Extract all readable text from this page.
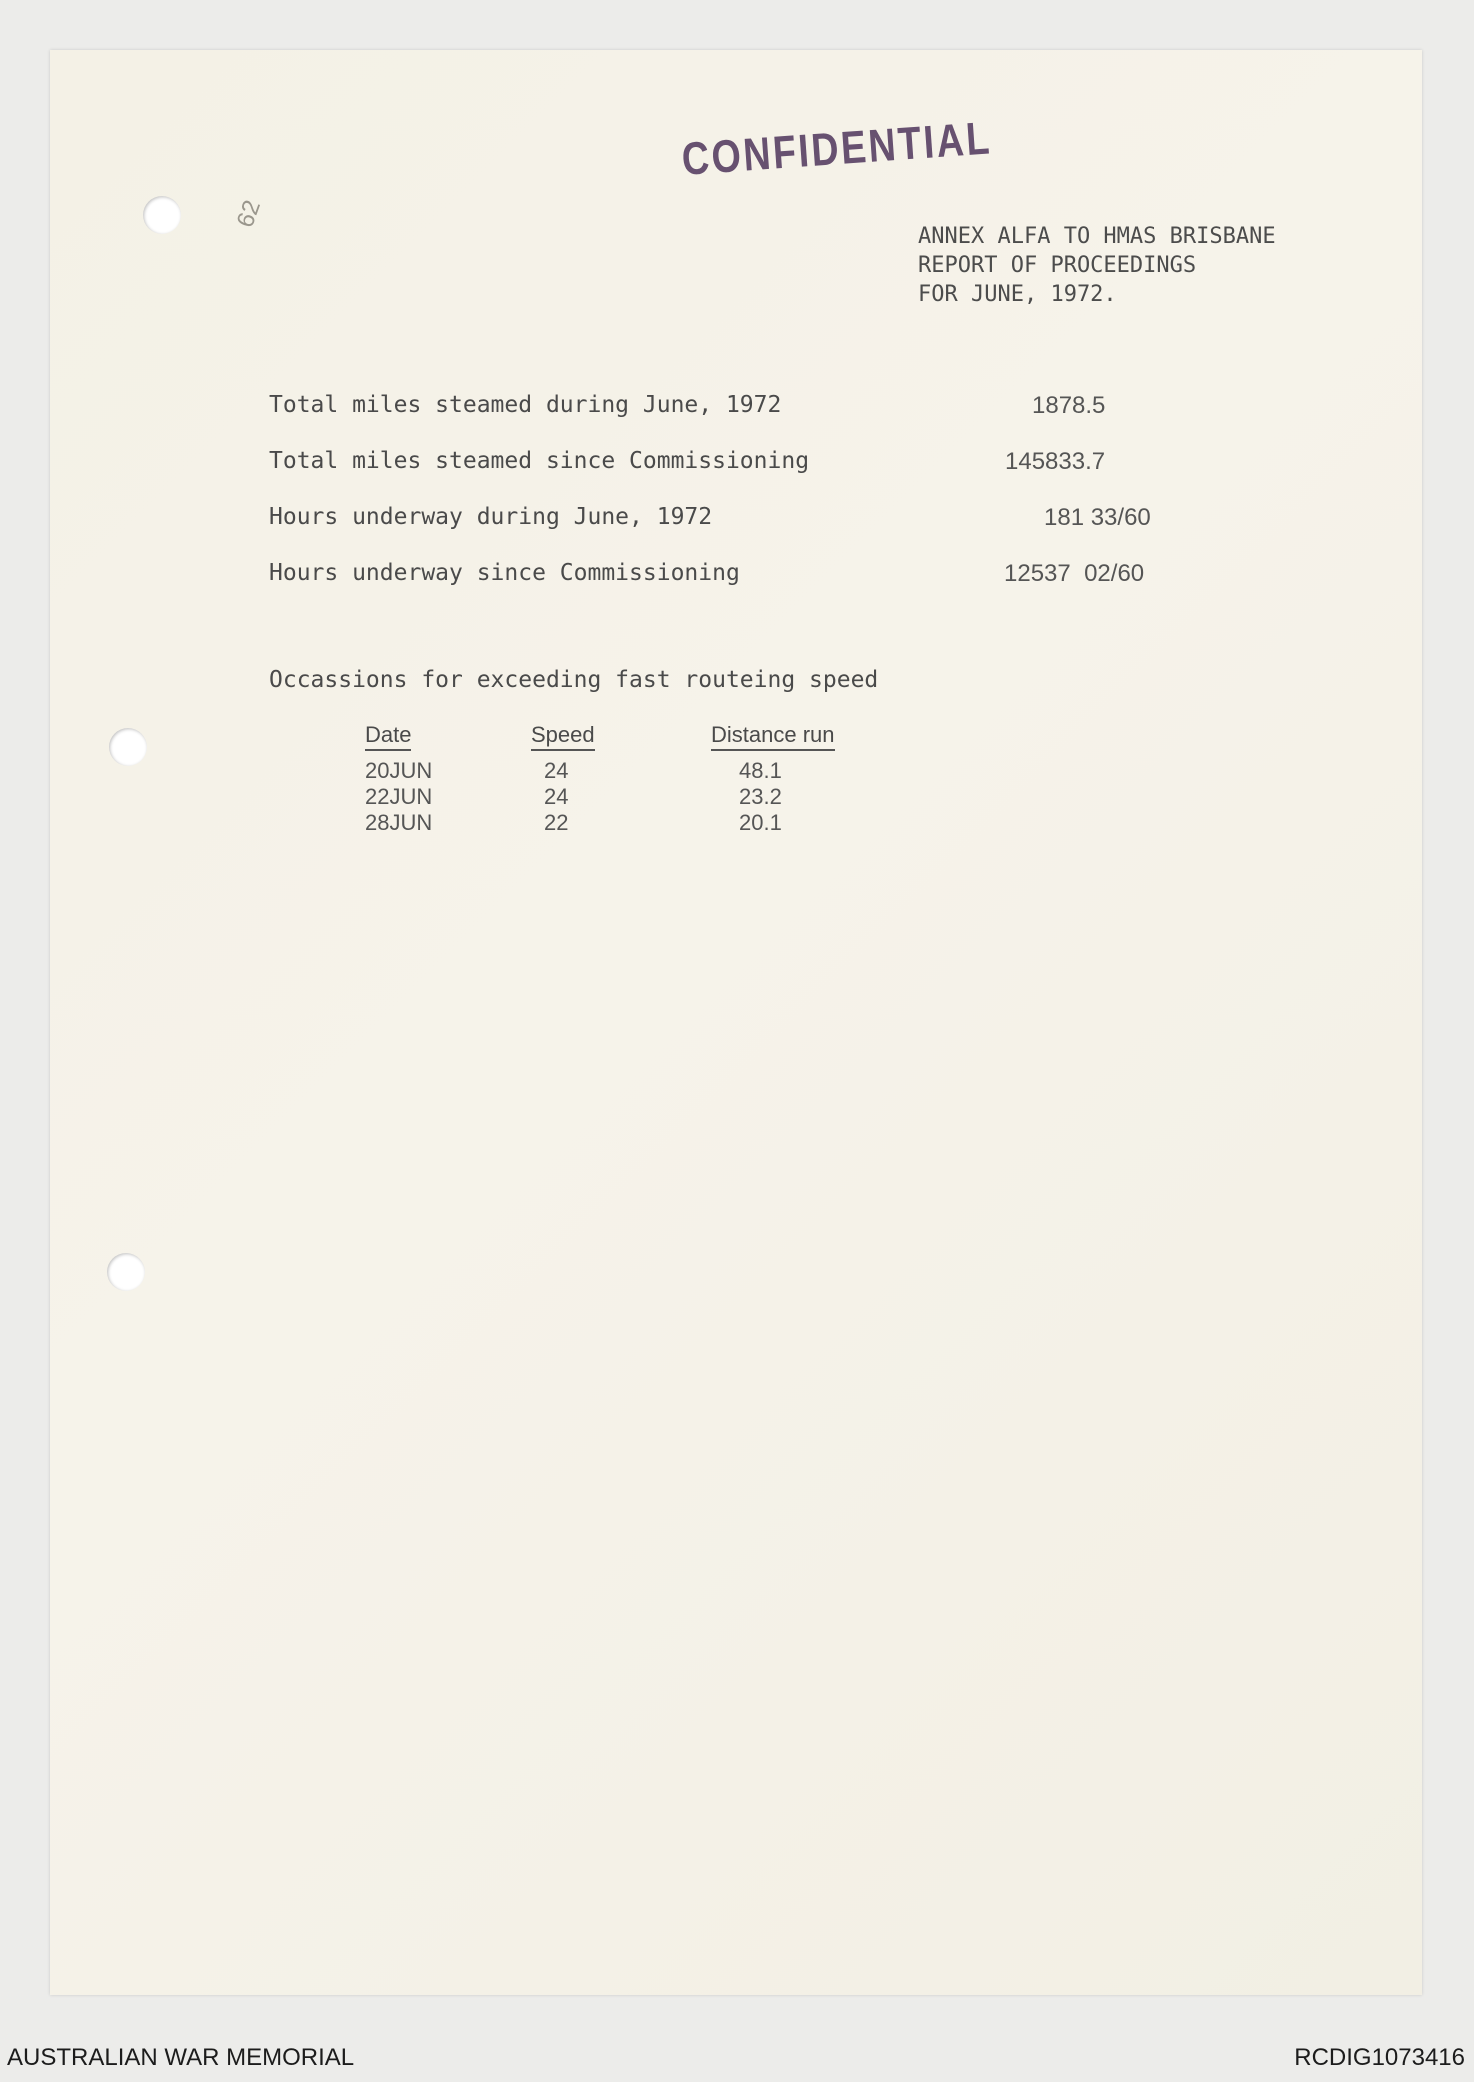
62
CONFIDENTIAL
ANNEX ALFA TO HMAS BRISBANE
REPORT OF PROCEEDINGS
FOR JUNE, 1972.
Total miles steamed during June, 1972	1878.5
Total miles steamed since Commissioning	145833.7
Hours underway during June, 1972	181 33/60
Hours underway since Commissioning	12537  02/60
Occassions for exceeding fast routeing speed
Date	Speed	Distance run
20JUN	24	48.1
22JUN	24	23.2
28JUN	22	20.1
AUSTRALIAN WAR MEMORIAL	RCDIG1073416
